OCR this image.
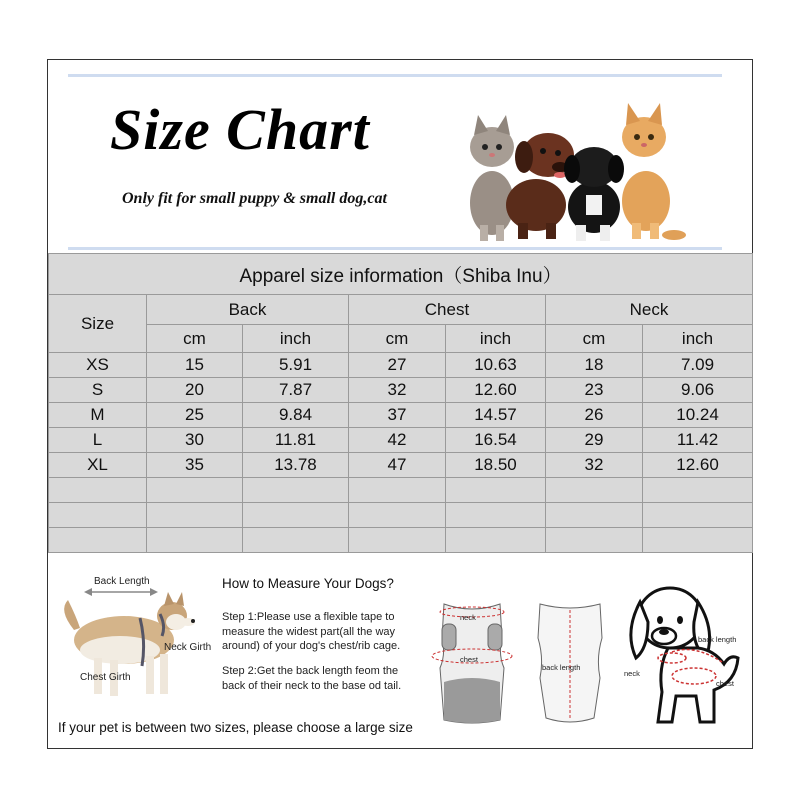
Size Chart

Only fit for small puppy & small dog,cat

Apparel size information（Shiba Inu）						
Size	Back		Chest		Neck	
	cm	inch	cm	inch	cm	inch
XS	15	5.91	27	10.63	18	7.09
S	20	7.87	32	12.60	23	9.06
M	25	9.84	37	14.57	26	10.24
L	30	11.81	42	16.54	29	11.42
XL	35	13.78	47	18.50	32	12.60

Back Length
Neck Girth
Chest Girth

How to Measure Your Dogs?

Step 1:Please use a flexible tape to measure the widest part(all the way around) of your dog's chest/rib cage.

Step 2:Get the back length feom the back of their neck to the base od tail.

neck
chest
back length
back length
neck
chest

If your pet is between two sizes, please choose a large size
